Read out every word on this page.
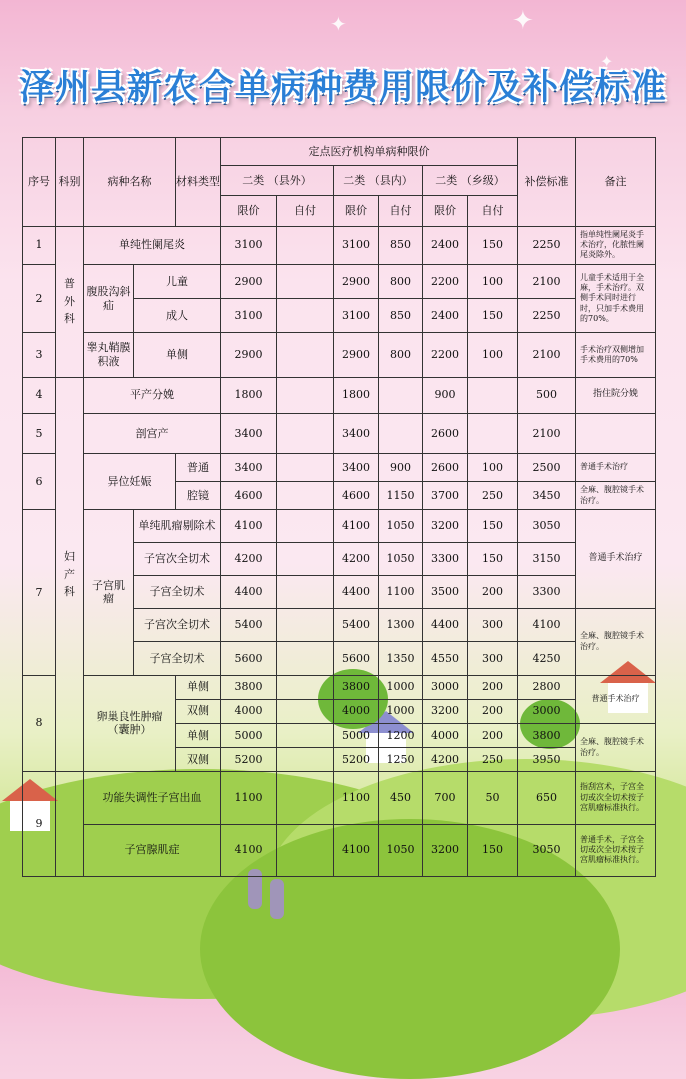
✦	✦
✦
泽州县新农合单病种费用限价及补偿标准
序号	科别	病种名称		材料类型	定点医疗机构单病种限价						补偿标准	备注
					二类 （县外）		二类 （县内）		二类 （乡级）			
					限价	自付	限价	自付	限价	自付		
1	普外科	单纯性阑尾炎			3100		3100	850	2400	150	2250	指单纯性阑尾炎手术治疗，化脓性阑尾炎除外。
2		腹股沟斜疝	儿童		2900		2900	800	2200	100	2100	儿童手术适用于全麻，手术治疗。双侧手术同时进行时，只加手术费用的70%。
			成人		3100		3100	850	2400	150	2250	
3		睾丸鞘膜积液	单侧		2900		2900	800	2200	100	2100	手术治疗双侧增加手术费用的70%
4	妇产科	平产分娩			1800		1800		900		500	指住院分娩
5		剖宫产			3400		3400		2600		2100	
6		异位妊娠		普通	3400		3400	900	2600	100	2500	普通手术治疗
				腔镜	4600		4600	1150	3700	250	3450	全麻、腹腔镜手术治疗。
7		子宫肌瘤	单纯肌瘤剔除术		4100		4100	1050	3200	150	3050	普通手术治疗
			子宫次全切术		4200		4200	1050	3300	150	3150	
			子宫全切术		4400		4400	1100	3500	200	3300	
			子宫次全切术		5400		5400	1300	4400	300	4100	全麻、腹腔镜手术治疗。
			子宫全切术		5600		5600	1350	4550	300	4250	
8		卵巢良性肿瘤（囊肿）		单侧	3800		3800	1000	3000	200	2800	普通手术治疗
				双侧	4000		4000	1000	3200	200	3000	
				单侧	5000		5000	1200	4000	200	3800	全麻、腹腔镜手术治疗。
				双侧	5200		5200	1250	4200	250	3950	
9		功能失调性子宫出血			1100		1100	450	700	50	650	指刮宫术，子宫全切或次全切术按子宫肌瘤标准执行。
		子宫腺肌症			4100		4100	1050	3200	150	3050	普通手术，子宫全切或次全切术按子宫肌瘤标准执行。
